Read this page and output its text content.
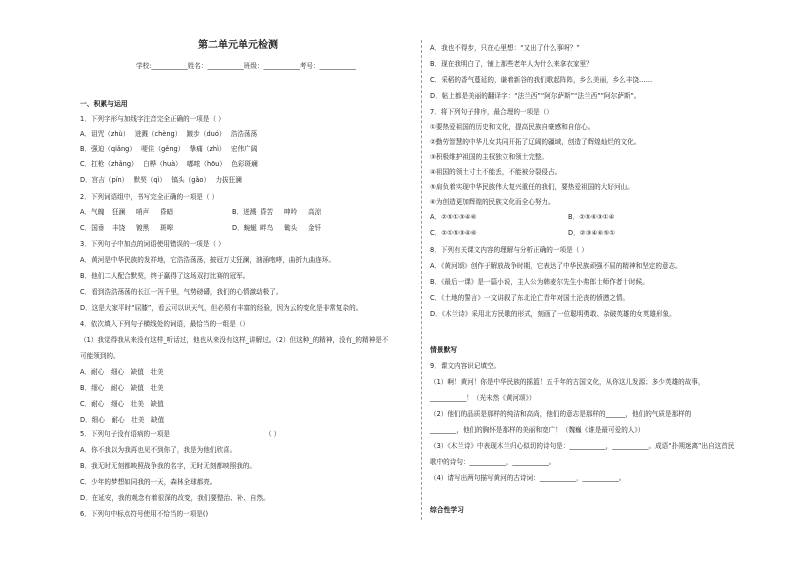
第二单元单元检测
学校:___________姓名：___________班级：___________考号：___________
一、积累与运用
1．下列字形与加线字注音完全正确的一项是（ ）
A．诅咒（zhù）　 迸溅（chèng）　 踱步（duó）　 浩浩荡荡
B．强迫（qiǎng）　 哽住（gěng）　 挚痛（zhì）　 宏伟广阔
C．扛枪（zhǎng）　 白桦（huà）　 嘟哝（hōu）　 色彩斑斓
D．宫吉（pín）　 默契（qì）　 镐头（gǎo）　 力拔狂澜
2．下列词语组中，书写完全正确的一项是（ ）
A．气魄 狂澜 哨声 昏暗	B．迸溅 昏苦 呻吟 高涼
C．国垂 丰饶 镀黑 斑嗥	D．蜿蜒 畔鸟 锄头 金钎
3．下列句子中加点的词语使用错误的一项是（ ）
A．黄河是中华民族的发祥地，它浩浩荡荡，披冠万丈狂澜，汹涌咆哮，曲折九曲连环。
B．他们二人配合默契，终于赢得了这场双打比赛的冠军。
C．看到浩浩荡荡的长江一泻千里，气势磅礴，我们的心情激动极了。
D．这是大家平时“屈膝”，看云可以识天气，但必须有丰富的经验，因为云的变化是非常复杂的。
4．依次填入下列句子横线处的词语，最恰当的一组是（）
（1）我觉得我从来没有这样_听话过，他也从来没有这样_讲解过。（2）但这种_的精神，没有_的精神是不
可能领到的。
A．耐心　细心　缺值　壮美
B．细心　耐心　缺值　壮美
C．耐心　细心　壮美　缺值
D．细心　耐心　壮美　缺值
5．下列句子没有语病的一项是	（ ）
A．你不我以为我再也见不到你了，我是为他们欣喜。
B．我无时无刻都映照战争我的名字，无时无刻都映照我的。
C．少年的梦想如同我的一天，森林全球都亮。
D．在延安，我的观念有着很深的改变，我们要整治、补、自然。
6．下列句中标点符号使用不恰当的一项是()
A．我也不得步，只在心里想：“又出了什么事呀？”
B．现在我明白了，铺上那些老年人为什么来拿衣家里？
C．采稻的香气蔓延的，谦着新谷的我们歌起阵阵，乡么美丽，乡么丰饶……
D．帖上都是美丽的翻译字：“法兰西”“阿尔萨斯”“法兰西”“阿尔萨斯”。
7．将下列句子排序，最合理的一项是（）
①要热爱祖国的历史和文化，提高民族自豪感和自信心。
②勤劳智慧的中华儿女共同开拓了辽阔的疆域，创造了辉煌灿烂的文化。
③积极维护祖国的主权独立和领土完整。
④祖国的领土寸土不能丢，不能被分裂侵占。
⑤肩负着实现中华民族伟大复兴重任的我们，要热爱祖国的大好河山。
⑥为创造更加辉煌的民族文化而全心努力。
A．②⑤①③④⑥	B．②⑤⑥③①④
C．②①⑤③④⑥	D．②③④⑥⑤①
8．下列有关课文内容的理解与分析正确的一项是（ ）
A．《黄河颂》创作于解放战争时期，它表达了中华民族顽强不屈的精神和坚定的意志。
B．《最后一课》是一篇小说，主人公为韩麦尔先生小弗郎士师作者十时候。
C．《土地的誓言》一文讲叙了东北沦亡青年对国土沦丧的愤懑之情。
D．《木兰诗》采用北方民歌的形式，刻画了一位聪明勇敢、杂破英雄的女英雄形象。
情景默写
9．课文内容识记填空。
（1）啊！黄河！你是中华民族的摇篮！五千年的古国文化，从你这儿发源；多少英雄的故事，
___________！（光未然《黄河颂》）
（2）他们的品质是那样的纯洁和高尚，他们的意志是那样的______，他们的气质是那样的
________，他们的胸怀是那样的美丽和宽广！（魏巍《谁是最可爱的人》）
（3）《木兰诗》中表现木兰归心似切的诗句是：___________，___________。成语“扑朔迷离”出自这首民
歌中的诗句：___________，___________。
（4）请写出两句描写黄河的古诗词：___________，___________。
综合性学习
